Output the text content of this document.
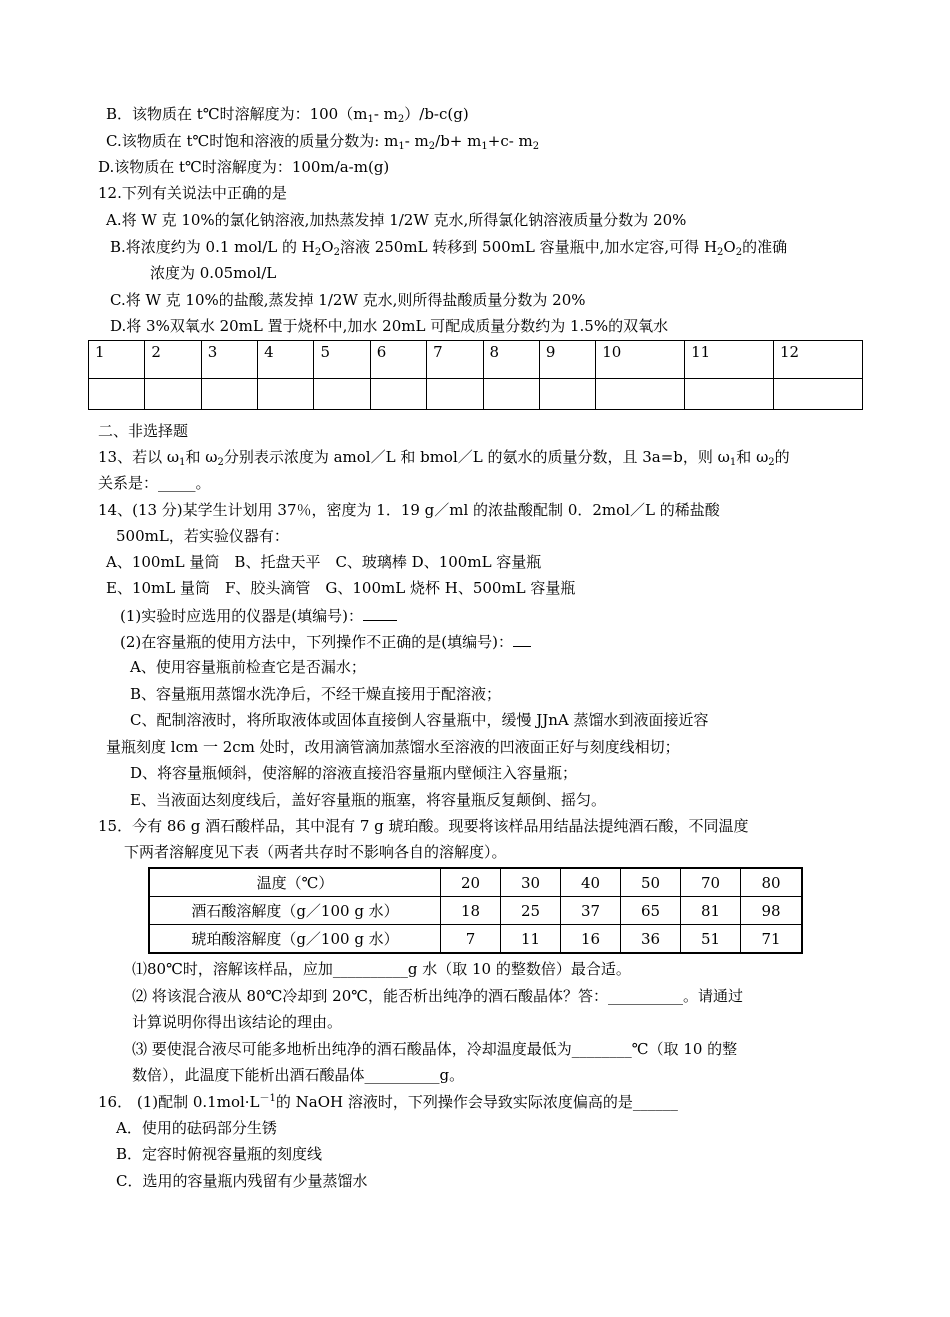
B．该物质在 t℃时溶解度为：$100(m_1-$ $m_2)/b-c(g)$
C.该物质在 t℃时饱和溶液的质量分数为: $m_1-$ $m_2/b+ m_1+c-$ $m_2$
D.该物质在 t℃时溶解度为：100m/a-m(g)
12.下列有关说法中正确的是
A.将 W 克 10%的氯化钠溶液,加热蒸发掉 1/2W 克水,所得氯化钠溶液质量分数为 20%
B.将浓度约为 0.1 mol/L 的 $H_2O_2$溶液 250mL 转移到 500mL 容量瓶中,加水定容,可得 $H_2O_2$的准确
浓度为 0.05mol/L
C.将 W 克 10%的盐酸,蒸发掉 1/2W 克水,则所得盐酸质量分数为 20%
D.将 3%双氧水 20mL 置于烧杯中,加水 20mL 可配成质量分数约为 1.5%的双氧水
1	2	3	4	5	6	7	8	9	10	11	12

二、非选择题
13、若以 $\omega_1$和 $\omega_2$分别表示浓度为 amol／L 和 bmol／L 的氨水的质量分数，且 3a=b，则 $\omega_1$和 $\omega_2$的
关系是：_____。
14、(13 分)某学生计划用 37％，密度为 1．19 g／ml 的浓盐酸配制 0．2mol／L 的稀盐酸
500mL，若实验仪器有：
A、100mL 量筒　B、托盘天平　C、玻璃棒 D、100mL 容量瓶
E、10mL 量筒　F、胶头滴管　G、100mL 烧杯 H、500mL 容量瓶
(1)实验时应选用的仪器是(填编号)：
(2)在容量瓶的使用方法中，下列操作不正确的是(填编号)：
A、使用容量瓶前检查它是否漏水；
B、容量瓶用蒸馏水洗净后，不经干燥直接用于配溶液；
C、配制溶液时，将所取液体或固体直接倒人容量瓶中，缓慢 JJnA 蒸馏水到液面接近容
量瓶刻度 lcm 一 2cm 处时，改用滴管滴加蒸馏水至溶液的凹液面正好与刻度线相切；
D、将容量瓶倾斜，使溶解的溶液直接沿容量瓶内壁倾注入容量瓶；
E、当液面达刻度线后，盖好容量瓶的瓶塞，将容量瓶反复颠倒、摇匀。
15．今有 86 g 酒石酸样品，其中混有 7 g 琥珀酸。现要将该样品用结晶法提纯酒石酸，不同温度
下两者溶解度见下表（两者共存时不影响各自的溶解度）。
温度（℃）	20	30	40	50	70	80
酒石酸溶解度（g／100 g 水）	18	25	37	65	81	98
琥珀酸溶解度（g／100 g 水）	7	11	16	36	51	71
⑴80℃时，溶解该样品，应加__________g 水（取 10 的整数倍）最合适。
⑵ 将该混合液从 80℃冷却到 20℃，能否析出纯净的酒石酸晶体？答：__________。请通过
计算说明你得出该结论的理由。
⑶ 要使混合液尽可能多地析出纯净的酒石酸晶体，冷却温度最低为________℃（取 10 的整
数倍），此温度下能析出酒石酸晶体__________g。
16． (1)配制 $0.1mol\cdot L^{-1}$的 NaOH 溶液时，下列操作会导致实际浓度偏高的是______
A．使用的砝码部分生锈
B．定容时俯视容量瓶的刻度线
C．选用的容量瓶内残留有少量蒸馏水
